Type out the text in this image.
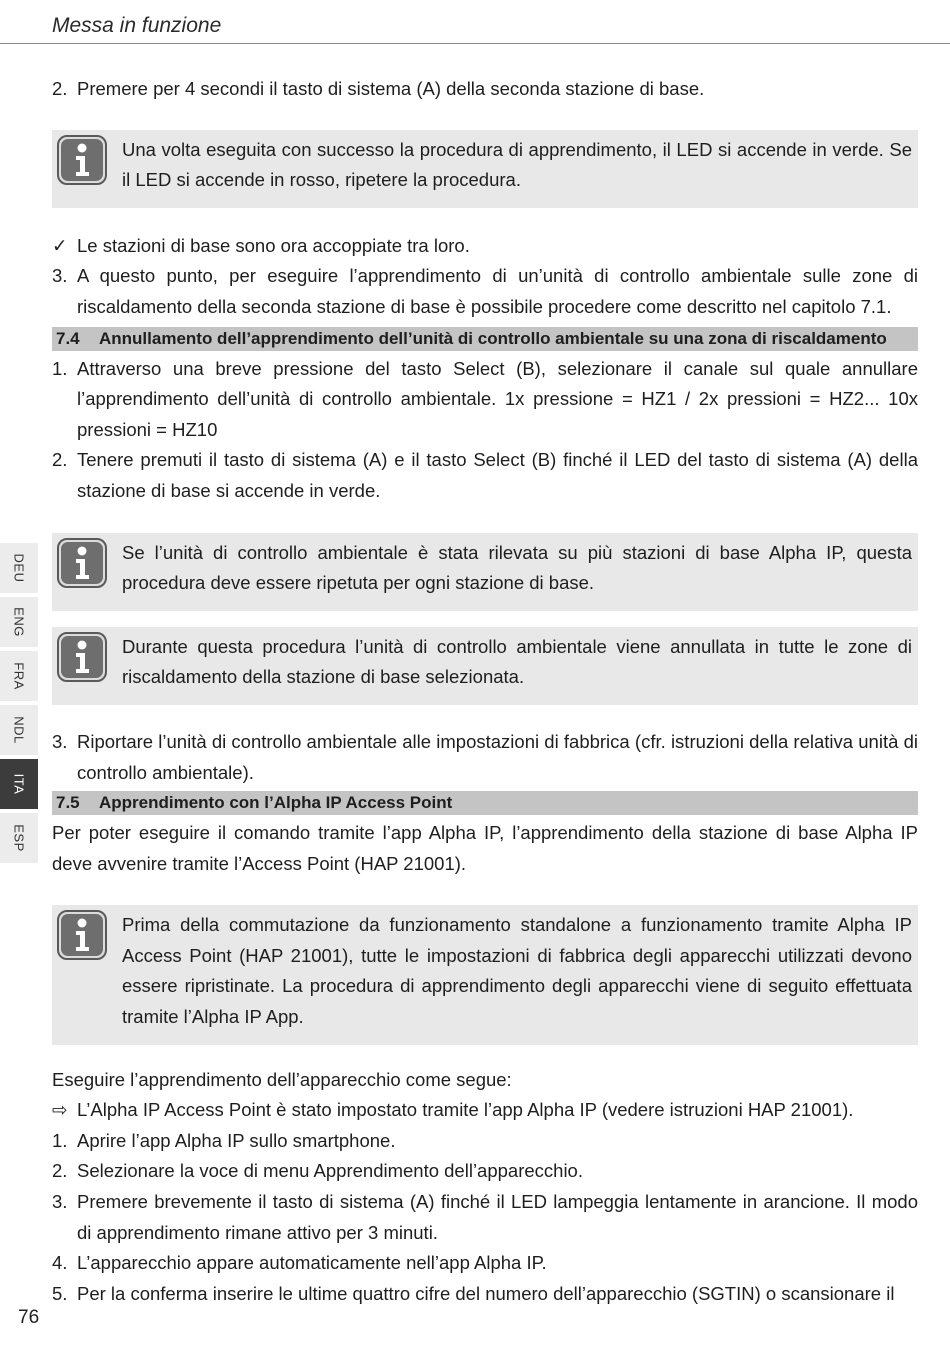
Messa in funzione
2. Premere per 4 secondi il tasto di sistema (A) della seconda stazione di base.
Una volta eseguita con successo la procedura di apprendimento, il LED si accende in verde. Se il LED si accende in rosso, ripetere la procedura.
✓ Le stazioni di base sono ora accoppiate tra loro.
3. A questo punto, per eseguire l’apprendimento di un’unità di controllo ambientale sulle zone di riscaldamento della seconda stazione di base è possibile procedere come descritto nel capitolo 7.1.
7.4 Annullamento dell’apprendimento dell’unità di controllo ambientale su una zona di riscaldamento
1. Attraverso una breve pressione del tasto Select (B), selezionare il canale sul quale annullare l’apprendimento dell’unità di controllo ambientale. 1x pressione = HZ1 / 2x pressioni = HZ2... 10x pressioni = HZ10
2. Tenere premuti il tasto di sistema (A) e il tasto Select (B) finché il LED del tasto di sistema (A) della stazione di base si accende in verde.
Se l’unità di controllo ambientale è stata rilevata su più stazioni di base Alpha IP, questa procedura deve essere ripetuta per ogni stazione di base.
Durante questa procedura l’unità di controllo ambientale viene annullata in tutte le zone di riscaldamento della stazione di base selezionata.
3. Riportare l’unità di controllo ambientale alle impostazioni di fabbrica (cfr. istruzioni della relativa unità di controllo ambientale).
7.5 Apprendimento con l’Alpha IP Access Point
Per poter eseguire il comando tramite l’app Alpha IP, l’apprendimento della stazione di base Alpha IP deve avvenire tramite l’Access Point (HAP 21001).
Prima della commutazione da funzionamento standalone a funzionamento tramite Alpha IP Access Point (HAP 21001), tutte le impostazioni di fabbrica degli apparecchi utilizzati devono essere ripristinate. La procedura di apprendimento degli apparecchi viene di seguito effettuata tramite l’Alpha IP App.
Eseguire l’apprendimento dell’apparecchio come segue:
⇨ L’Alpha IP Access Point è stato impostato tramite l’app Alpha IP (vedere istruzioni HAP 21001).
1. Aprire l’app Alpha IP sullo smartphone.
2. Selezionare la voce di menu Apprendimento dell’apparecchio.
3. Premere brevemente il tasto di sistema (A) finché il LED lampeggia lentamente in arancione. Il modo di apprendimento rimane attivo per 3 minuti.
4. L’apparecchio appare automaticamente nell’app Alpha IP.
5. Per la conferma inserire le ultime quattro cifre del numero dell’apparecchio (SGTIN) o scansionare il
DEU
ENG
FRA
NDL
ITA
ESP
76
